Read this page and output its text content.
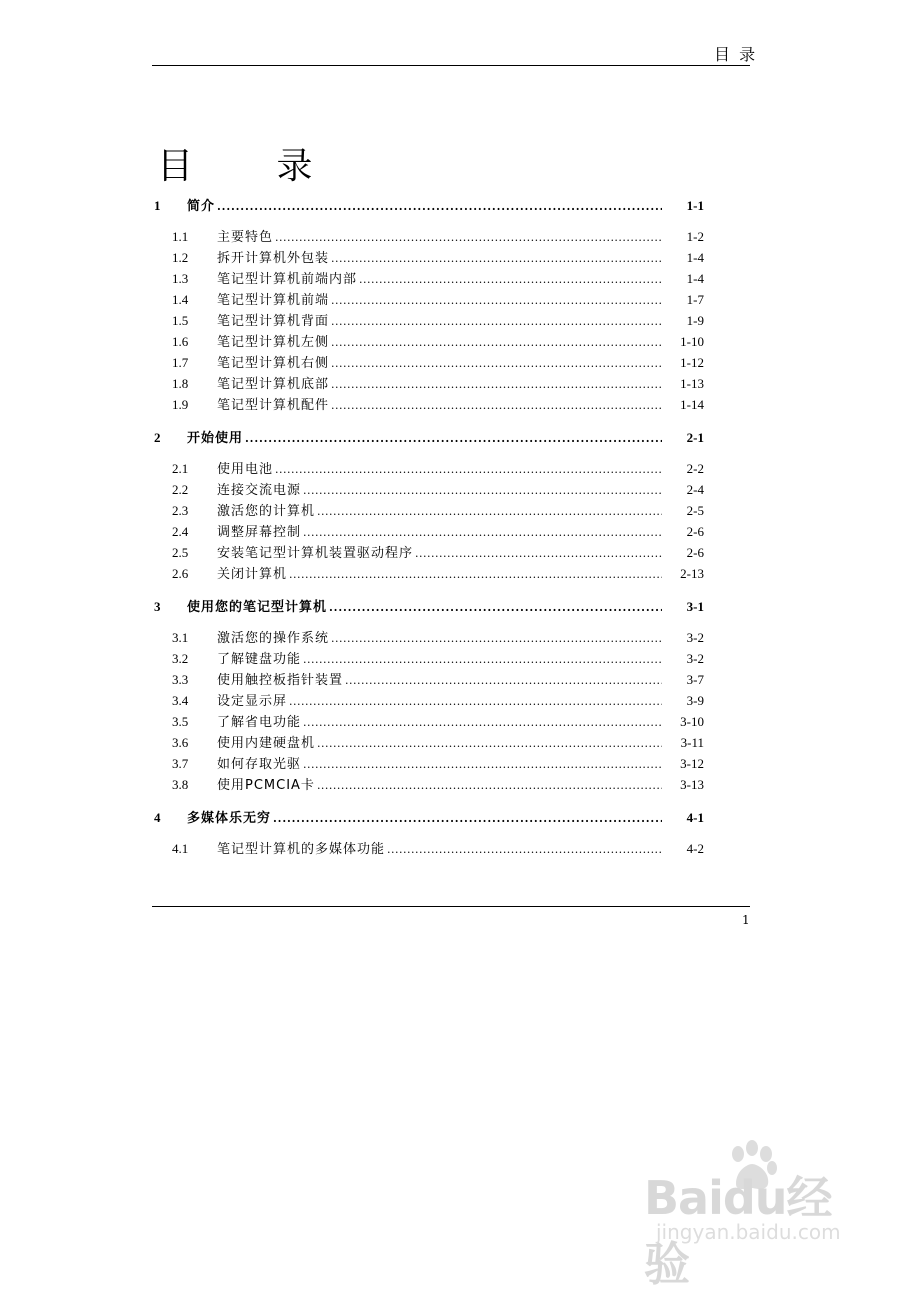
目 录
目 录
1	简介 . . .	1-1
1.1	主要特色 . . .	1-2
1.2	拆开计算机外包装 . . .	1-4
1.3	笔记型计算机前端内部 . . .	1-4
1.4	笔记型计算机前端 . . .	1-7
1.5	笔记型计算机背面 . . .	1-9
1.6	笔记型计算机左侧 . . .	1-10
1.7	笔记型计算机右侧 . . .	1-12
1.8	笔记型计算机底部 . . .	1-13
1.9	笔记型计算机配件 . . .	1-14
2	开始使用 . . .	2-1
2.1	使用电池 . . .	2-2
2.2	连接交流电源 . . .	2-4
2.3	激活您的计算机 . . .	2-5
2.4	调整屏幕控制 . . .	2-6
2.5	安装笔记型计算机装置驱动程序 . . .	2-6
2.6	关闭计算机 . . .	2-13
3	使用您的笔记型计算机 . . .	3-1
3.1	激活您的操作系统 . . .	3-2
3.2	了解键盘功能 . . .	3-2
3.3	使用触控板指针装置 . . .	3-7
3.4	设定显示屏 . . .	3-9
3.5	了解省电功能 . . .	3-10
3.6	使用内建硬盘机 . . .	3-11
3.7	如何存取光驱 . . .	3-12
3.8	使用PCMCIA卡 . . .	3-13
4	多媒体乐无穷 . . .	4-1
4.1	笔记型计算机的多媒体功能 . . .	4-2
1
Baidu经验
jingyan.baidu.com
